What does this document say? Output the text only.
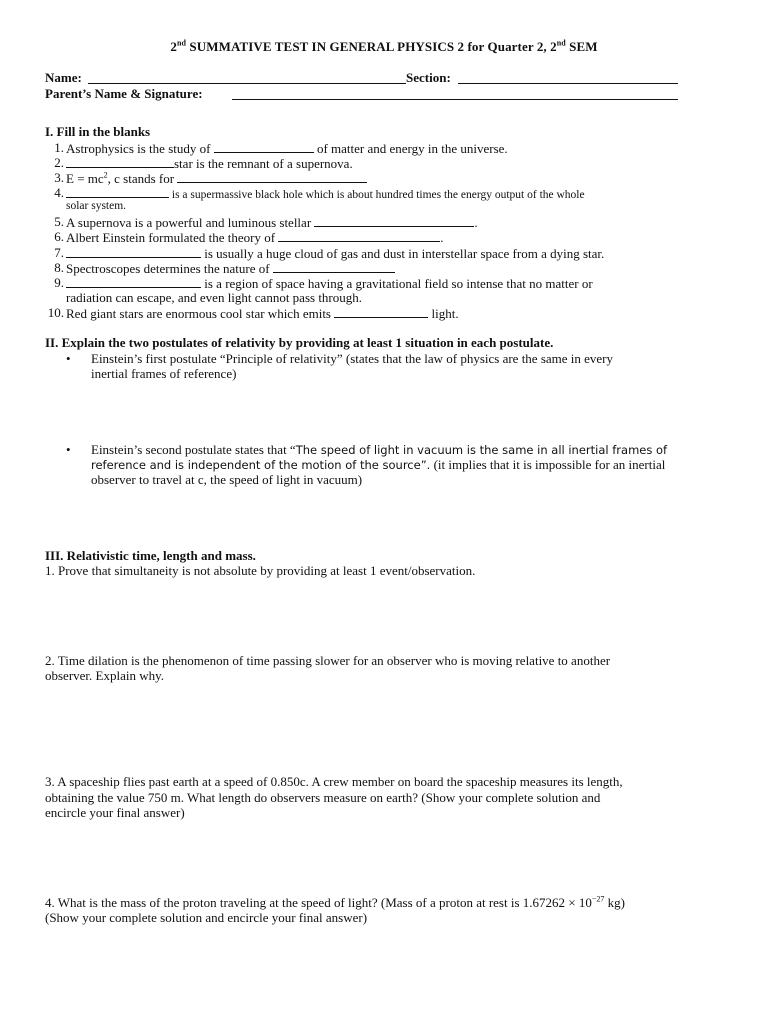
2nd SUMMATIVE TEST IN GENERAL PHYSICS 2 for Quarter 2, 2nd SEM
Name:	Section:
Parent’s Name & Signature:
I. Fill in the blanks
1. Astrophysics is the study of	of matter and energy in the universe.
2.	star is the remnant of a supernova.
3. $E = mc^2$, c stands for
4.	is a supermassive black hole which is about hundred times the energy output of the whole
solar system.
5. A supernova is a powerful and luminous stellar	.
6. Albert Einstein formulated the theory of	.
7.	is usually a huge cloud of gas and dust in interstellar space from a dying star.
8. Spectroscopes determines the nature of
9.	is a region of space having a gravitational field so intense that no matter or
radiation can escape, and even light cannot pass through.
10. Red giant stars are enormous cool star which emits	light.
II. Explain the two postulates of relativity by providing at least 1 situation in each postulate.
• Einstein’s first postulate “Principle of relativity” (states that the law of physics are the same in every
inertial frames of reference)
• Einstein’s second postulate states that “The speed of light in vacuum is the same in all inertial frames of
reference and is independent of the motion of the source”. (it implies that it is impossible for an inertial
observer to travel at c, the speed of light in vacuum)
III. Relativistic time, length and mass.
1. Prove that simultaneity is not absolute by providing at least 1 event/observation.
2. Time dilation is the phenomenon of time passing slower for an observer who is moving relative to another
observer. Explain why.
3. A spaceship flies past earth at a speed of 0.850c. A crew member on board the spaceship measures its length,
obtaining the value 750 m. What length do observers measure on earth? (Show your complete solution and
encircle your final answer)
4. What is the mass of the proton traveling at the speed of light? (Mass of a proton at rest is $1.67262 \times 10^{-27}$ kg)
(Show your complete solution and encircle your final answer)
